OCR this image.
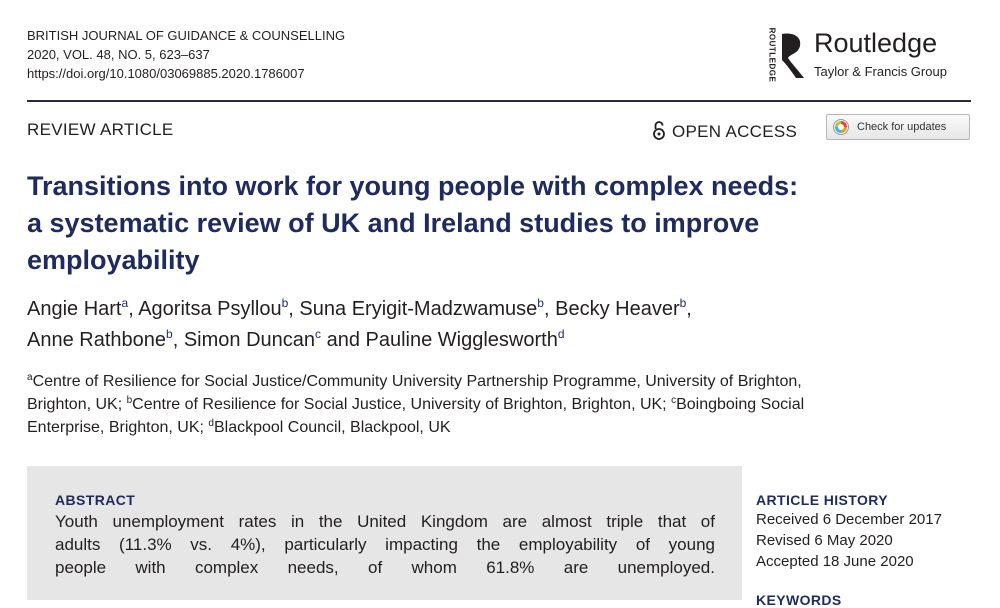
BRITISH JOURNAL OF GUIDANCE & COUNSELLING
2020, VOL. 48, NO. 5, 623–637
https://doi.org/10.1080/03069885.2020.1786007	ROUTLEDGE Routledge
Taylor & Francis Group
REVIEW ARTICLE	OPEN ACCESS	Check for updates
Transitions into work for young people with complex needs:
a systematic review of UK and Ireland studies to improve
employability
Angie Hart$^a$, Agoritsa Psyllou$^b$, Suna Eryigit-Madzwamuse$^b$, Becky Heaver$^b$,
Anne Rathbone$^b$, Simon Duncan$^c$ and Pauline Wigglesworth$^d$
$^a$Centre of Resilience for Social Justice/Community University Partnership Programme, University of Brighton,
Brighton, UK; $^b$Centre of Resilience for Social Justice, University of Brighton, Brighton, UK; $^c$Boingboing Social
Enterprise, Brighton, UK; $^d$Blackpool Council, Blackpool, UK
ABSTRACT
Youth unemployment rates in the United Kingdom are almost triple that of
adults (11.3% vs. 4%), particularly impacting the employability of young
people with complex needs, of whom 61.8% are unemployed.
ARTICLE HISTORY
Received 6 December 2017
Revised 6 May 2020
Accepted 18 June 2020
KEYWORDS
